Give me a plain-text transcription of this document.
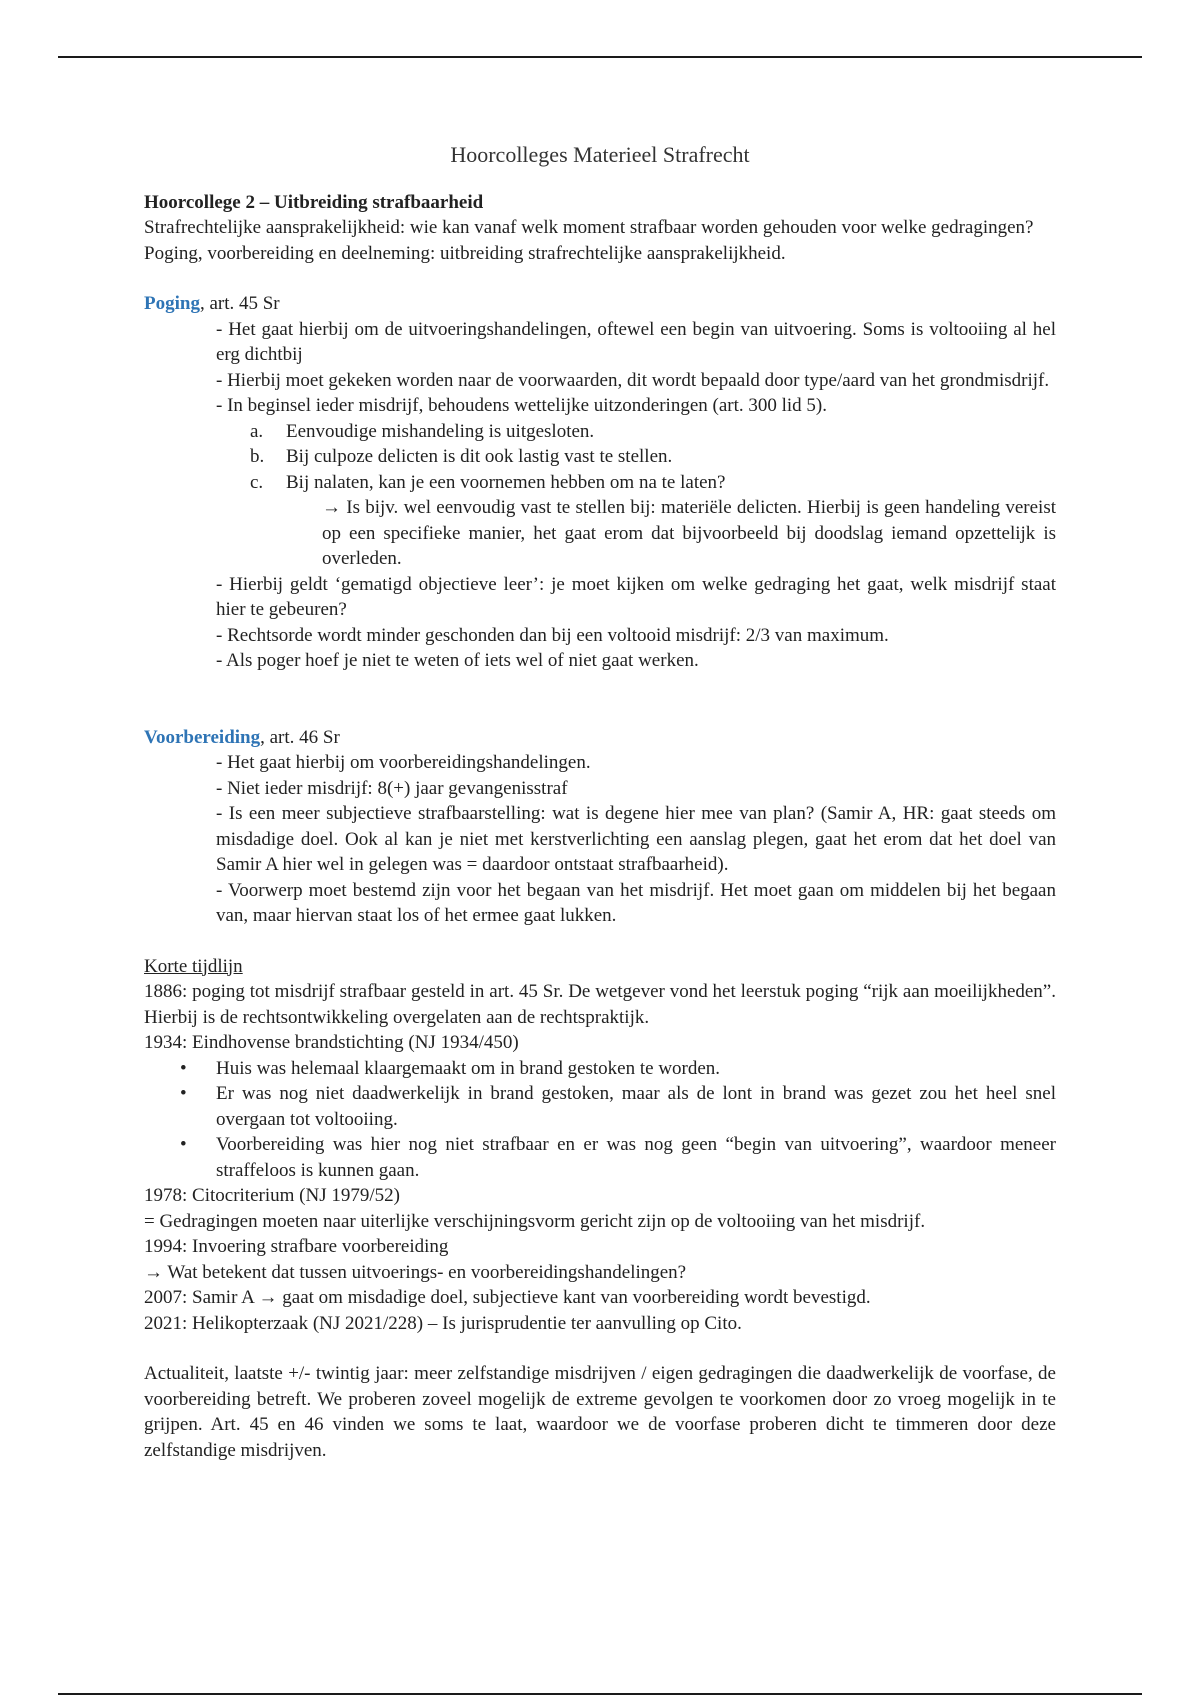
Hoorcolleges Materieel Strafrecht

Hoorcollege 2 – Uitbreiding strafbaarheid

Strafrechtelijke aansprakelijkheid: wie kan vanaf welk moment strafbaar worden gehouden voor welke gedragingen?

Poging, voorbereiding en deelneming: uitbreiding strafrechtelijke aansprakelijkheid.

Poging, art. 45 Sr

- Het gaat hierbij om de uitvoeringshandelingen, oftewel een begin van uitvoering. Soms is voltooiing al hel erg dichtbij

- Hierbij moet gekeken worden naar de voorwaarden, dit wordt bepaald door type/aard van het grondmisdrijf.

- In beginsel ieder misdrijf, behoudens wettelijke uitzonderingen (art. 300 lid 5).

a. Eenvoudige mishandeling is uitgesloten.
b. Bij culpoze delicten is dit ook lastig vast te stellen.
c. Bij nalaten, kan je een voornemen hebben om na te laten?

→ Is bijv. wel eenvoudig vast te stellen bij: materiële delicten. Hierbij is geen handeling vereist op een specifieke manier, het gaat erom dat bijvoorbeeld bij doodslag iemand opzettelijk is overleden.

- Hierbij geldt ‘gematigd objectieve leer’: je moet kijken om welke gedraging het gaat, welk misdrijf staat hier te gebeuren?

- Rechtsorde wordt minder geschonden dan bij een voltooid misdrijf: 2/3 van maximum.

- Als poger hoef je niet te weten of iets wel of niet gaat werken.

Voorbereiding, art. 46 Sr

- Het gaat hierbij om voorbereidingshandelingen.

- Niet ieder misdrijf: 8(+) jaar gevangenisstraf

- Is een meer subjectieve strafbaarstelling: wat is degene hier mee van plan? (Samir A, HR: gaat steeds om misdadige doel. Ook al kan je niet met kerstverlichting een aanslag plegen, gaat het erom dat het doel van Samir A hier wel in gelegen was = daardoor ontstaat strafbaarheid).

- Voorwerp moet bestemd zijn voor het begaan van het misdrijf. Het moet gaan om middelen bij het begaan van, maar hiervan staat los of het ermee gaat lukken.

Korte tijdlijn

1886: poging tot misdrijf strafbaar gesteld in art. 45 Sr. De wetgever vond het leerstuk poging “rijk aan moeilijkheden”. Hierbij is de rechtsontwikkeling overgelaten aan de rechtspraktijk.

1934: Eindhovense brandstichting (NJ 1934/450)

• Huis was helemaal klaargemaakt om in brand gestoken te worden.
• Er was nog niet daadwerkelijk in brand gestoken, maar als de lont in brand was gezet zou het heel snel overgaan tot voltooiing.
• Voorbereiding was hier nog niet strafbaar en er was nog geen “begin van uitvoering”, waardoor meneer straffeloos is kunnen gaan.

1978: Citocriterium (NJ 1979/52)

= Gedragingen moeten naar uiterlijke verschijningsvorm gericht zijn op de voltooiing van het misdrijf.

1994: Invoering strafbare voorbereiding

→ Wat betekent dat tussen uitvoerings- en voorbereidingshandelingen?

2007: Samir A → gaat om misdadige doel, subjectieve kant van voorbereiding wordt bevestigd.

2021: Helikopterzaak (NJ 2021/228) – Is jurisprudentie ter aanvulling op Cito.

Actualiteit, laatste +/- twintig jaar: meer zelfstandige misdrijven / eigen gedragingen die daadwerkelijk de voorfase, de voorbereiding betreft. We proberen zoveel mogelijk de extreme gevolgen te voorkomen door zo vroeg mogelijk in te grijpen. Art. 45 en 46 vinden we soms te laat, waardoor we de voorfase proberen dicht te timmeren door deze zelfstandige misdrijven.
